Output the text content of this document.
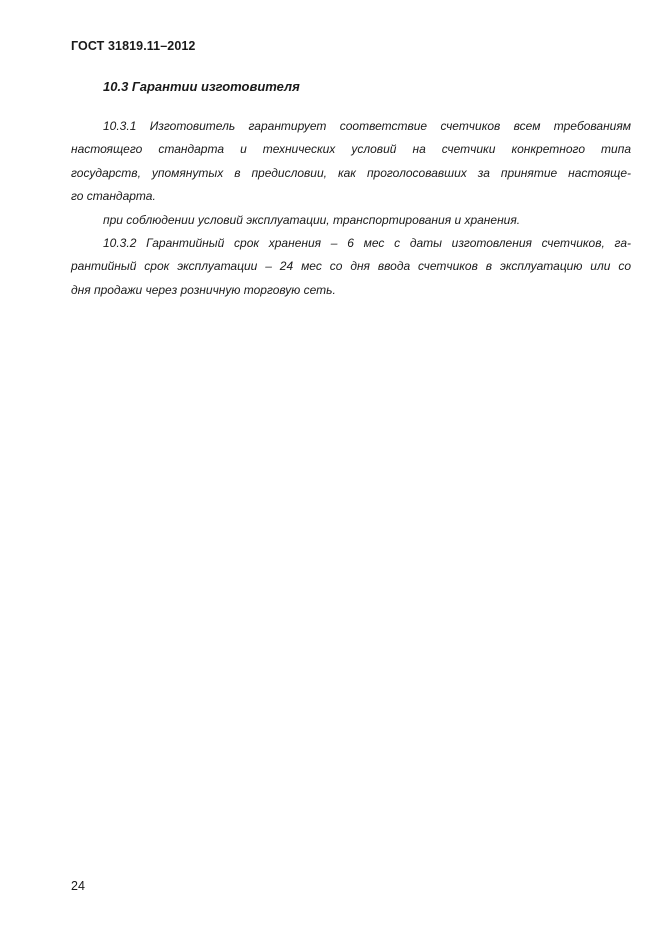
ГОСТ 31819.11–2012
10.3 Гарантии изготовителя
10.3.1 Изготовитель гарантирует соответствие счетчиков всем требованиям
настоящего стандарта и технических условий на счетчики конкретного типа
государств, упомянутых в предисловии, как проголосовавших за принятие настояще-
го стандарта.
при соблюдении условий эксплуатации, транспортирования и хранения.
10.3.2 Гарантийный срок хранения – 6 мес с даты изготовления счетчиков, га-
рантийный срок эксплуатации – 24 мес со дня ввода счетчиков в эксплуатацию или со
дня продажи через розничную торговую сеть.
24
